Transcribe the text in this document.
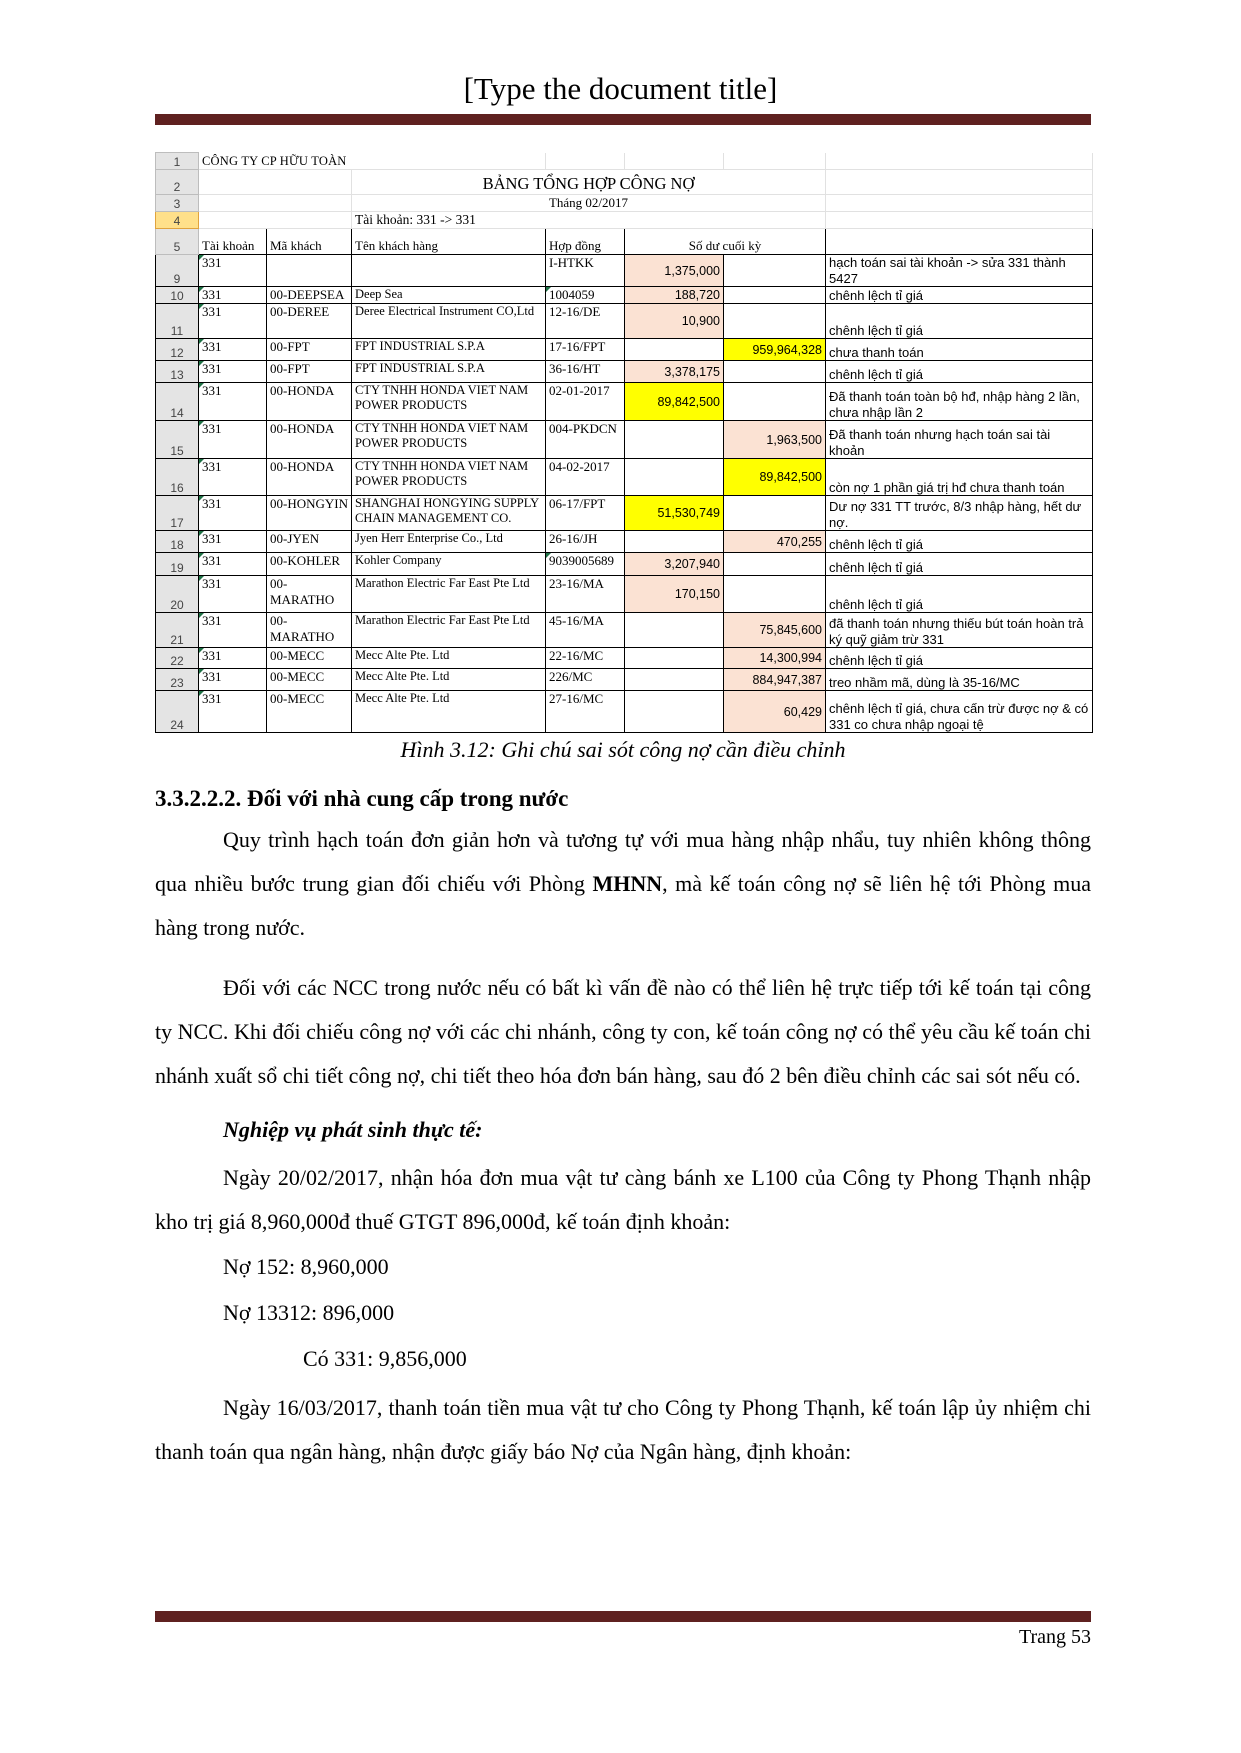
[Type the document title]
1	CÔNG TY CP HỮU TOÀN						
2			BẢNG TỔNG HỢP CÔNG NỢ				
3			Tháng 02/2017				
4			Tài khoản: 331 -> 331				
5	Tài khoản	Mã khách	Tên khách hàng	Hợp đồng	Số dư cuối kỳ		
9	331			I-HTKK	1,375,000		hạch toán sai tài khoản -> sửa 331 thành 5427
10	331	00-DEEPSEA	Deep Sea	1004059	188,720		chênh lệch tỉ giá
11	331	00-DEREE	Deree Electrical Instrument CO,Ltd	12-16/DE	10,900		chênh lệch tỉ giá
12	331	00-FPT	FPT INDUSTRIAL S.P.A	17-16/FPT		959,964,328	chưa thanh toán
13	331	00-FPT	FPT INDUSTRIAL S.P.A	36-16/HT	3,378,175		chênh lệch tỉ giá
14	331	00-HONDA	CTY TNHH HONDA VIET NAM POWER PRODUCTS	02-01-2017	89,842,500		Đã thanh toán toàn bộ hđ, nhập hàng 2 lần, chưa nhập lần 2
15	331	00-HONDA	CTY TNHH HONDA VIET NAM POWER PRODUCTS	004-PKDCN		1,963,500	Đã thanh toán nhưng hạch toán sai tài khoản
16	331	00-HONDA	CTY TNHH HONDA VIET NAM POWER PRODUCTS	04-02-2017		89,842,500	còn nợ 1 phần giá trị hđ chưa thanh toán
17	331	00-HONGYIN	SHANGHAI HONGYING SUPPLY CHAIN MANAGEMENT CO.	06-17/FPT	51,530,749		Dư nợ 331 TT trước, 8/3 nhập hàng, hết dư nợ.
18	331	00-JYEN	Jyen Herr Enterprise Co., Ltd	26-16/JH		470,255	chênh lệch tỉ giá
19	331	00-KOHLER	Kohler Company	9039005689	3,207,940		chênh lệch tỉ giá
20	331	00-MARATHO	Marathon Electric Far East Pte Ltd	23-16/MA	170,150		chênh lệch tỉ giá
21	331	00-MARATHO	Marathon Electric Far East Pte Ltd	45-16/MA		75,845,600	đã thanh toán nhưng thiếu bút toán hoàn trả ký quỹ giảm trừ 331
22	331	00-MECC	Mecc Alte Pte. Ltd	22-16/MC		14,300,994	chênh lệch tỉ giá
23	331	00-MECC	Mecc Alte Pte. Ltd	226/MC		884,947,387	treo nhầm mã, dùng là 35-16/MC
24	331	00-MECC	Mecc Alte Pte. Ltd	27-16/MC		60,429	chênh lệch tỉ giá, chưa cấn trừ được nợ & có 331 co chưa nhập ngoại tệ
Hình 3.12: Ghi chú sai sót công nợ cần điều chỉnh
3.3.2.2.2. Đối với nhà cung cấp trong nước

Quy trình hạch toán đơn giản hơn và tương tự với mua hàng nhập nhẩu, tuy nhiên không thông qua nhiều bước trung gian đối chiếu với Phòng MHNN, mà kế toán công nợ sẽ liên hệ tới Phòng mua hàng trong nước.

Đối với các NCC trong nước nếu có bất kì vấn đề nào có thể liên hệ trực tiếp tới kế toán tại công ty NCC. Khi đối chiếu công nợ với các chi nhánh, công ty con, kế toán công nợ có thể yêu cầu kế toán chi nhánh xuất sổ chi tiết công nợ, chi tiết theo hóa đơn bán hàng, sau đó 2 bên điều chỉnh các sai sót nếu có.

Nghiệp vụ phát sinh thực tế:

Ngày 20/02/2017, nhận hóa đơn mua vật tư càng bánh xe L100 của Công ty Phong Thạnh nhập kho trị giá 8,960,000đ thuế GTGT 896,000đ, kế toán định khoản:

Nợ 152: 8,960,000
Nợ 13312: 896,000
Có 331: 9,856,000

Ngày 16/03/2017, thanh toán tiền mua vật tư cho Công ty Phong Thạnh, kế toán lập ủy nhiệm chi thanh toán qua ngân hàng, nhận được giấy báo Nợ của Ngân hàng, định khoản:

Trang 53
